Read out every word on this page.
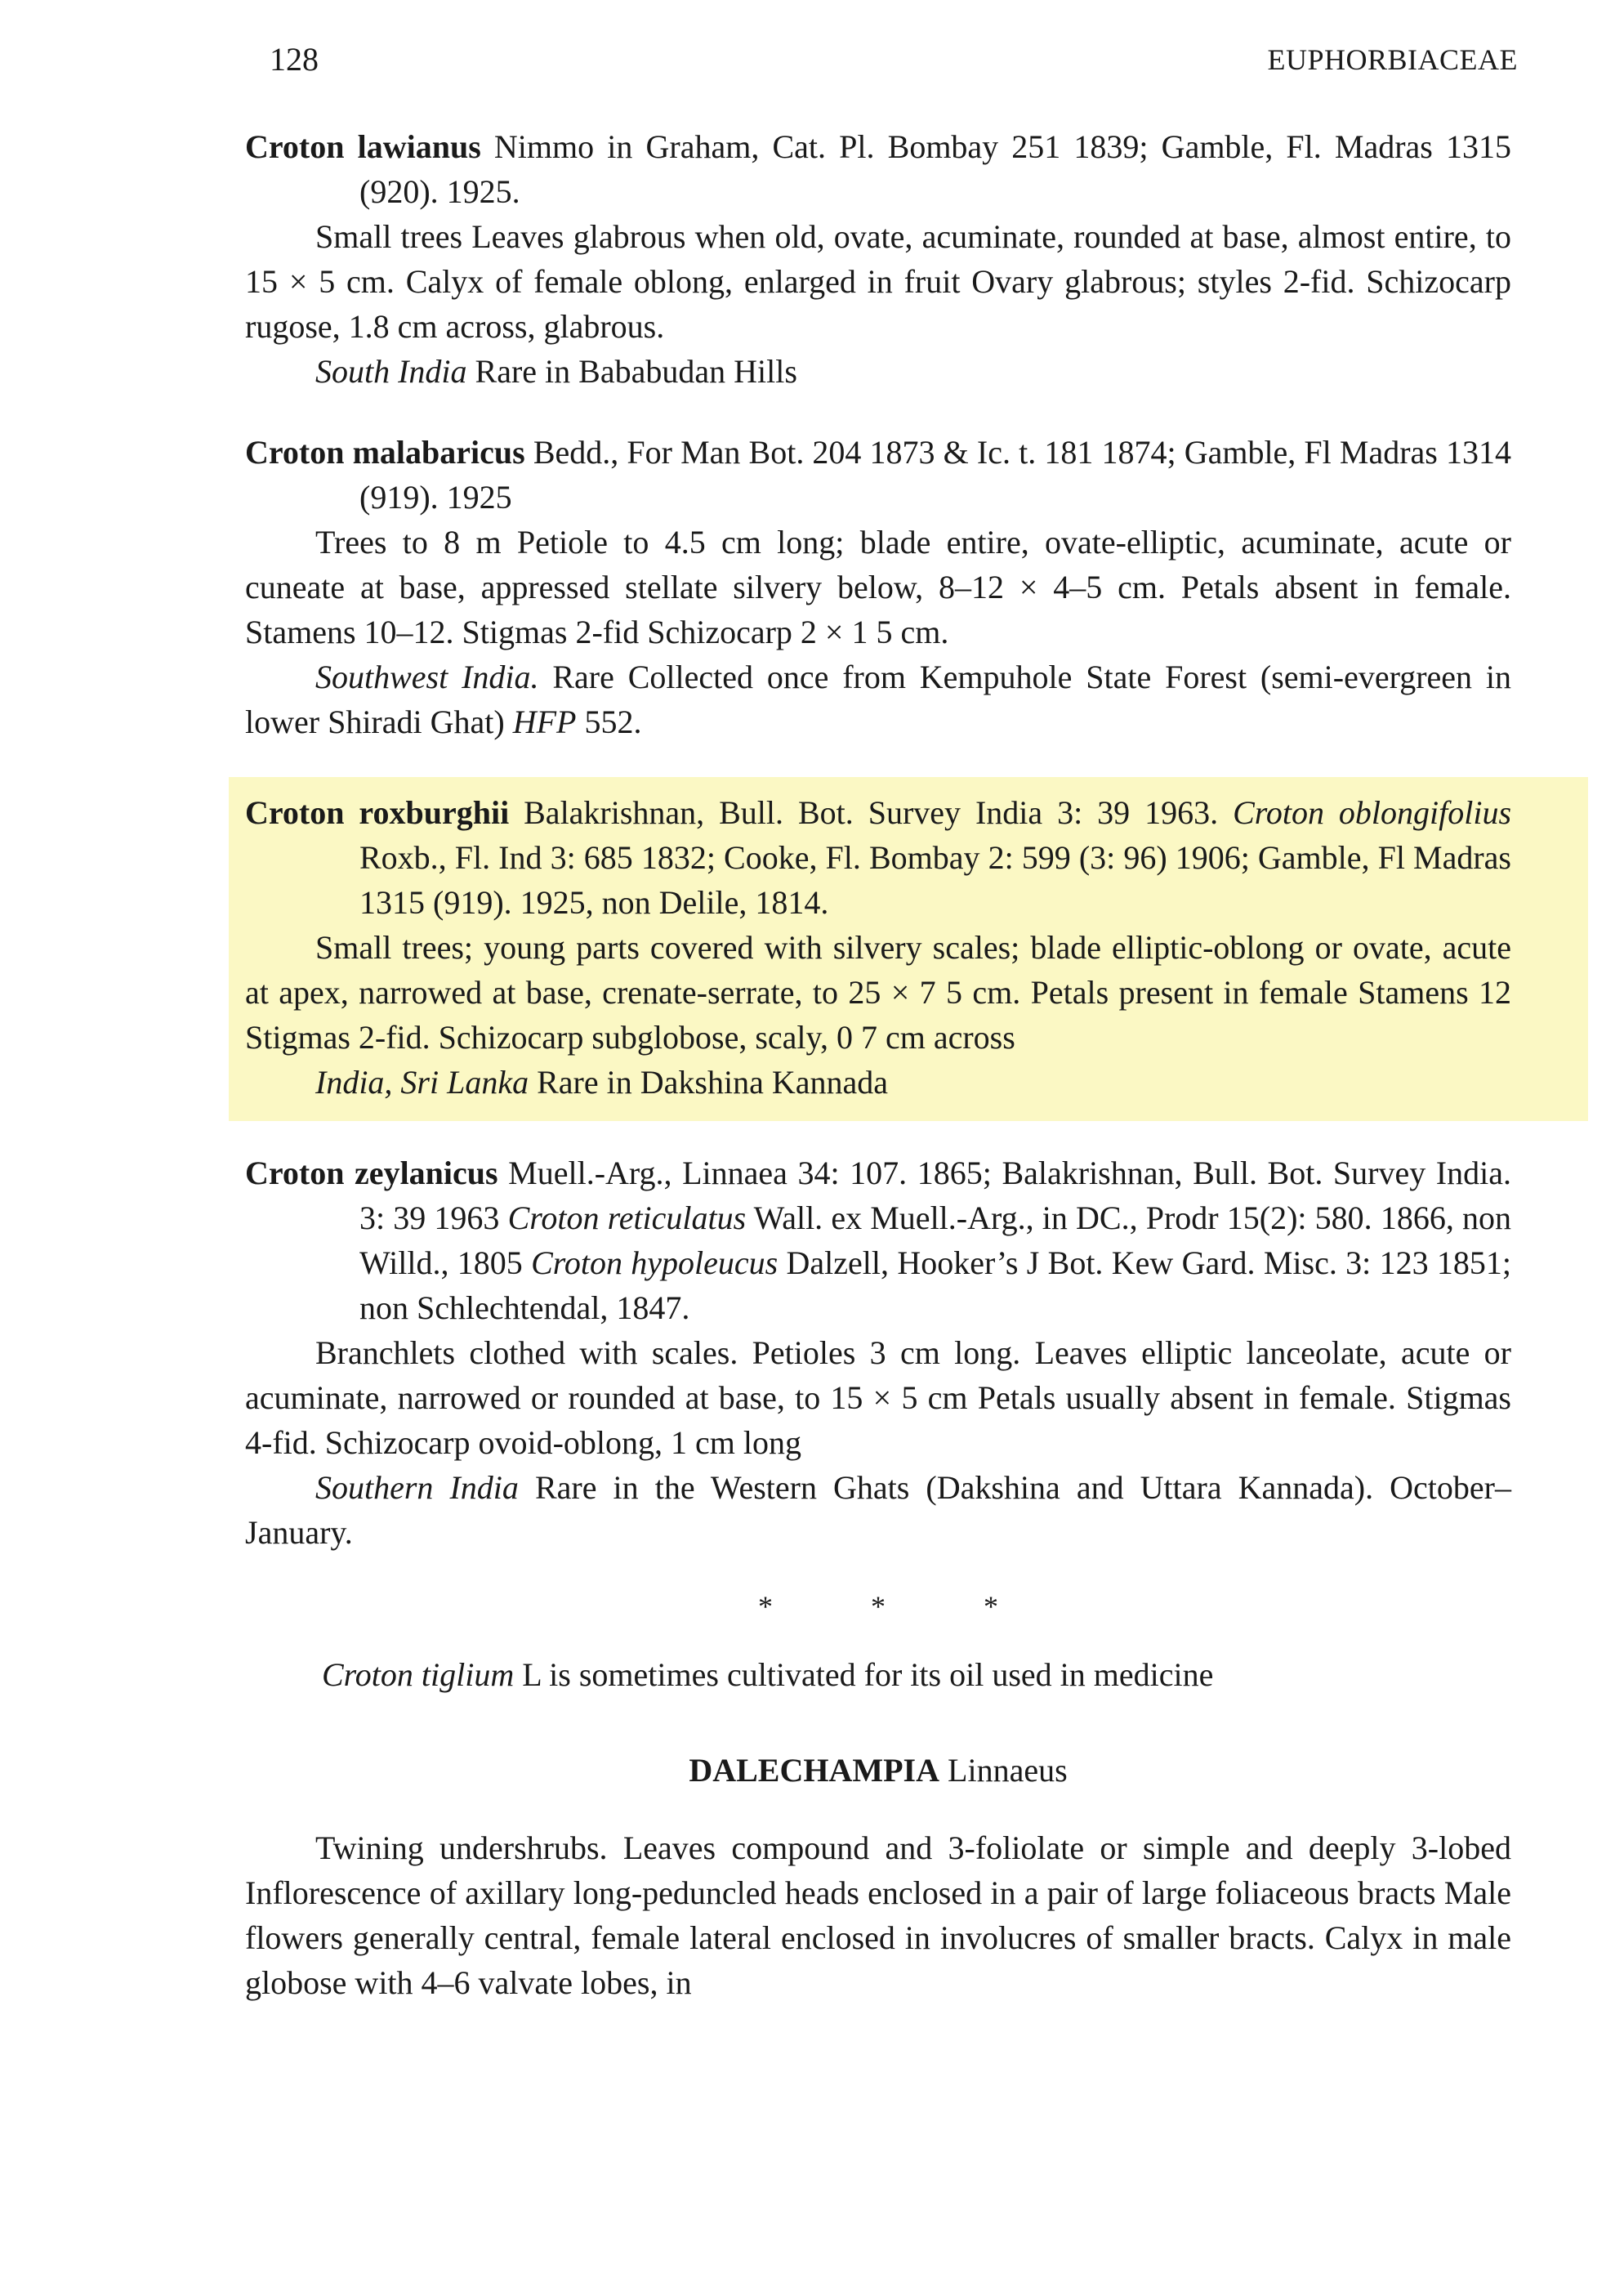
128	EUPHORBIACEAE

Croton lawianus Nimmo in Graham, Cat. Pl. Bombay 251 1839; Gamble, Fl. Madras 1315 (920). 1925.

Small trees Leaves glabrous when old, ovate, acuminate, rounded at base, almost entire, to 15 × 5 cm. Calyx of female oblong, enlarged in fruit Ovary glabrous; styles 2-fid. Schizocarp rugose, 1.8 cm across, glabrous.

South India Rare in Bababudan Hills

Croton malabaricus Bedd., For Man Bot. 204 1873 & Ic. t. 181 1874; Gamble, Fl Madras 1314 (919). 1925

Trees to 8 m Petiole to 4.5 cm long; blade entire, ovate-elliptic, acuminate, acute or cuneate at base, appressed stellate silvery below, 8–12 × 4–5 cm. Petals absent in female. Stamens 10–12. Stigmas 2-fid Schizocarp 2 × 1 5 cm.

Southwest India. Rare Collected once from Kempuhole State Forest (semi-evergreen in lower Shiradi Ghat) HFP 552.

Croton roxburghii Balakrishnan, Bull. Bot. Survey India 3: 39 1963. Croton oblongifolius Roxb., Fl. Ind 3: 685 1832; Cooke, Fl. Bombay 2: 599 (3: 96) 1906; Gamble, Fl Madras 1315 (919). 1925, non Delile, 1814.

Small trees; young parts covered with silvery scales; blade elliptic-oblong or ovate, acute at apex, narrowed at base, crenate-serrate, to 25 × 7 5 cm. Petals present in female Stamens 12 Stigmas 2-fid. Schizocarp subglobose, scaly, 0 7 cm across

India, Sri Lanka Rare in Dakshina Kannada

Croton zeylanicus Muell.-Arg., Linnaea 34: 107. 1865; Balakrishnan, Bull. Bot. Survey India. 3: 39 1963 Croton reticulatus Wall. ex Muell.-Arg., in DC., Prodr 15(2): 580. 1866, non Willd., 1805 Croton hypoleucus Dalzell, Hooker’s J Bot. Kew Gard. Misc. 3: 123 1851; non Schlechtendal, 1847.

Branchlets clothed with scales. Petioles 3 cm long. Leaves elliptic lanceolate, acute or acuminate, narrowed or rounded at base, to 15 × 5 cm Petals usually absent in female. Stigmas 4-fid. Schizocarp ovoid-oblong, 1 cm long

Southern India Rare in the Western Ghats (Dakshina and Uttara Kannada). October–January.

*	*	*

Croton tiglium L is sometimes cultivated for its oil used in medicine

DALECHAMPIA Linnaeus

Twining undershrubs. Leaves compound and 3-foliolate or simple and deeply 3-lobed Inflorescence of axillary long-peduncled heads enclosed in a pair of large foliaceous bracts Male flowers generally central, female lateral enclosed in involucres of smaller bracts. Calyx in male globose with 4–6 valvate lobes, in
